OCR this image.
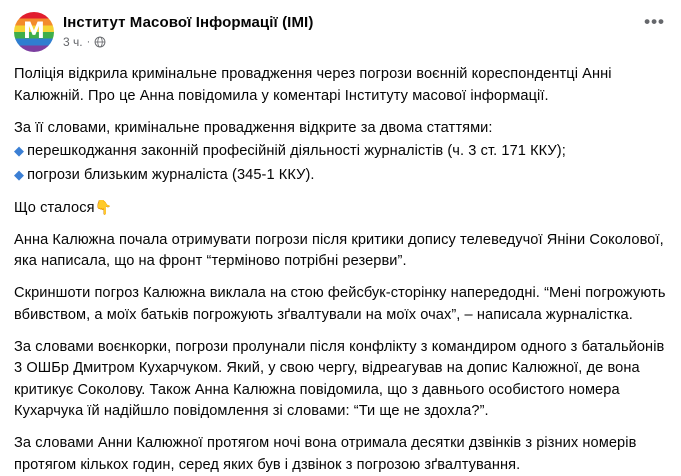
M Інститут Масової Інформації (ІМІ)
3 ч. ·
•••

Поліція відкрила кримінальне провадження через погрози воєнній кореспондентці Анні Калюжній. Про це Анна повідомила у коментарі Інституту масової інформації.

За її словами, кримінальне провадження відкрите за двома статтями:

◆ перешкоджання законній професійній діяльності журналістів (ч. 3 ст. 171 ККУ);
◆ погрози близьким журналіста (345-1 ККУ).

Що сталося👇

Анна Калюжна почала отримувати погрози після критики допису телеведучої Яніни Соколової, яка написала, що на фронт “терміново потрібні резерви”.

Скриншоти погроз Калюжна виклала на стою фейсбук-сторінку напередодні. “Мені погрожують вбивством, а моїх батьків погрожують зґвалтували на моїх очах”, – написала журналістка.

За словами воєнкорки, погрози пролунали після конфлікту з командиром одного з батальйонів 3 ОШБр Дмитром Кухарчуком. Який, у свою чергу, відреагував на допис Калюжної, де вона критикує Соколову. Також Анна Калюжна повідомила, що з давнього особистого номера Кухарчука їй надійшло повідомлення зі словами: “Ти ще не здохла?”.

За словами Анни Калюжної протягом ночі вона отримала десятки дзвінків з різних номерів протягом кількох годин, серед яких був і дзвінок з погрозою зґвалтування.
